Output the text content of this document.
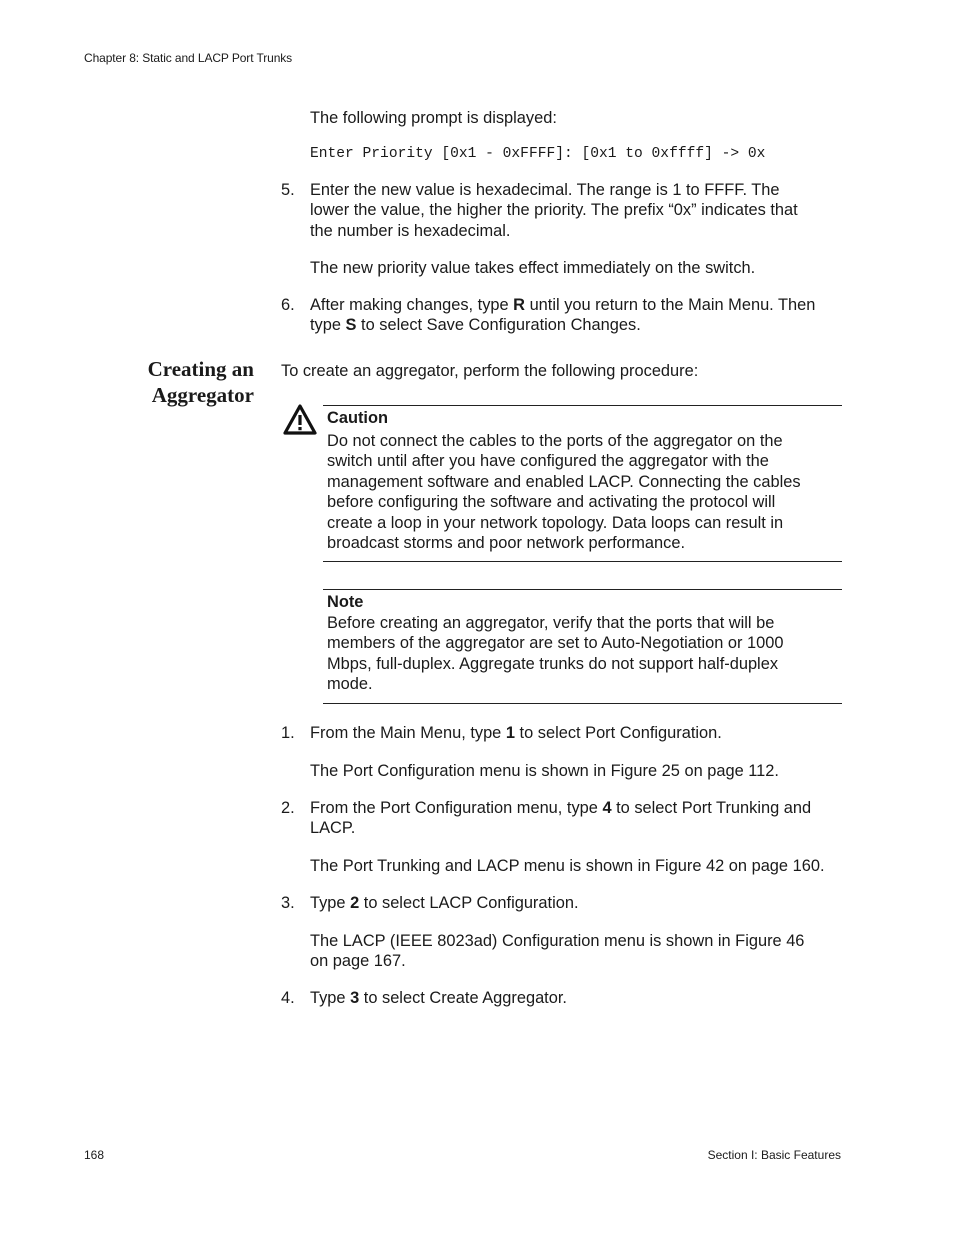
Chapter 8: Static and LACP Port Trunks
The following prompt is displayed:
Enter Priority [0x1 - 0xFFFF]: [0x1 to 0xffff] -> 0x
5. Enter the new value is hexadecimal. The range is 1 to FFFF. The
lower the value, the higher the priority. The prefix “0x” indicates that
the number is hexadecimal.
The new priority value takes effect immediately on the switch.
6. After making changes, type R until you return to the Main Menu. Then
type S to select Save Configuration Changes.
Creating an
Aggregator
To create an aggregator, perform the following procedure:
Caution
Do not connect the cables to the ports of the aggregator on the
switch until after you have configured the aggregator with the
management software and enabled LACP. Connecting the cables
before configuring the software and activating the protocol will
create a loop in your network topology. Data loops can result in
broadcast storms and poor network performance.
Note
Before creating an aggregator, verify that the ports that will be
members of the aggregator are set to Auto-Negotiation or 1000
Mbps, full-duplex. Aggregate trunks do not support half-duplex
mode.
1. From the Main Menu, type 1 to select Port Configuration.
The Port Configuration menu is shown in Figure 25 on page 112.
2. From the Port Configuration menu, type 4 to select Port Trunking and
LACP.
The Port Trunking and LACP menu is shown in Figure 42 on page 160.
3. Type 2 to select LACP Configuration.
The LACP (IEEE 8023ad) Configuration menu is shown in Figure 46
on page 167.
4. Type 3 to select Create Aggregator.
168	Section I: Basic Features
